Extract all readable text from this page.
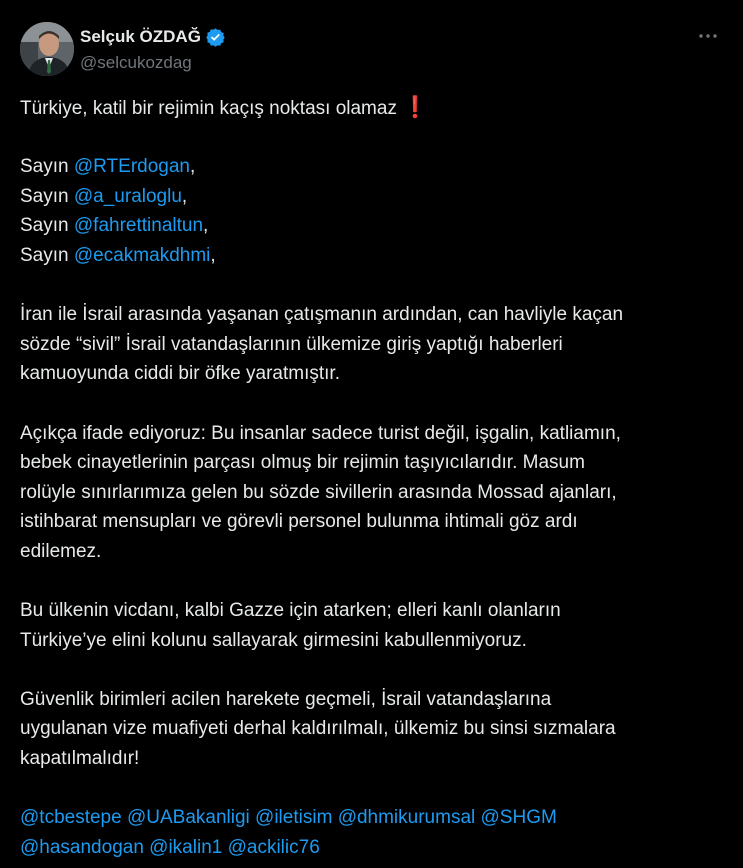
Selçuk ÖZDAĞ
@selcukozdag
Türkiye, katil bir rejimin kaçış noktası olamaz ❗
Sayın @RTErdogan,
Sayın @a_uraloglu,
Sayın @fahrettinaltun,
Sayın @ecakmakdhmi,
İran ile İsrail arasında yaşanan çatışmanın ardından, can havliyle kaçan
sözde “sivil” İsrail vatandaşlarının ülkemize giriş yaptığı haberleri
kamuoyunda ciddi bir öfke yaratmıştır.
Açıkça ifade ediyoruz: Bu insanlar sadece turist değil, işgalin, katliamın,
bebek cinayetlerinin parçası olmuş bir rejimin taşıyıcılarıdır. Masum
rolüyle sınırlarımıza gelen bu sözde sivillerin arasında Mossad ajanları,
istihbarat mensupları ve görevli personel bulunma ihtimali göz ardı
edilemez.
Bu ülkenin vicdanı, kalbi Gazze için atarken; elleri kanlı olanların
Türkiye’ye elini kolunu sallayarak girmesini kabullenmiyoruz.
Güvenlik birimleri acilen harekete geçmeli, İsrail vatandaşlarına
uygulanan vize muafiyeti derhal kaldırılmalı, ülkemiz bu sinsi sızmalara
kapatılmalıdır!
@tcbestepe @UABakanligi @iletisim @dhmikurumsal @SHGM
@hasandogan @ikalin1 @ackilic76
